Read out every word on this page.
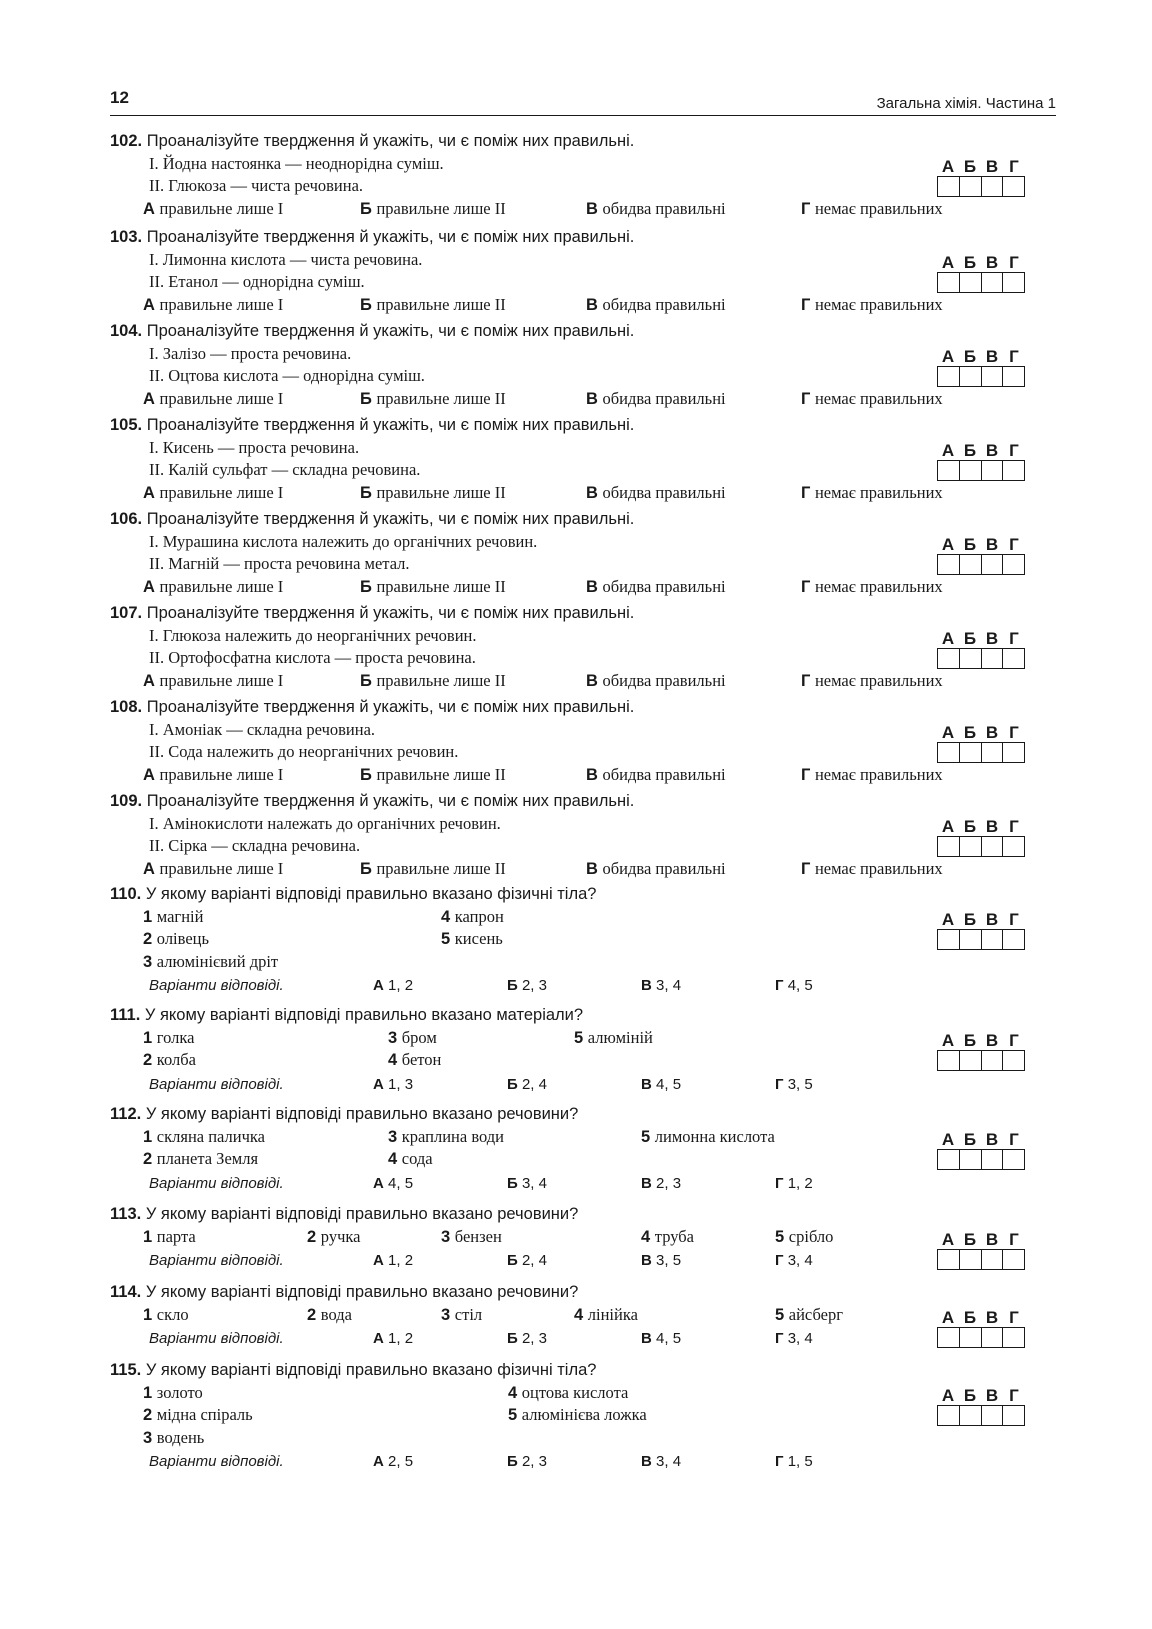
12	Загальна хімія. Частина 1
102. Проаналізуйте твердження й укажіть, чи є поміж них правильні.
І. Йодна настоянка — неоднорідна суміш.
ІІ. Глюкоза — чиста речовина.
А правильне лише І	Б правильне лише ІІ	В обидва правильні	Г немає правильних
А Б В Г
103. Проаналізуйте твердження й укажіть, чи є поміж них правильні.
І. Лимонна кислота — чиста речовина.
ІІ. Етанол — однорідна суміш.
А правильне лише І	Б правильне лише ІІ	В обидва правильні	Г немає правильних
А Б В Г
104. Проаналізуйте твердження й укажіть, чи є поміж них правильні.
І. Залізо — проста речовина.
ІІ. Оцтова кислота — однорідна суміш.
А правильне лише І	Б правильне лише ІІ	В обидва правильні	Г немає правильних
А Б В Г
105. Проаналізуйте твердження й укажіть, чи є поміж них правильні.
І. Кисень — проста речовина.
ІІ. Калій сульфат — складна речовина.
А правильне лише І	Б правильне лише ІІ	В обидва правильні	Г немає правильних
А Б В Г
106. Проаналізуйте твердження й укажіть, чи є поміж них правильні.
І. Мурашина кислота належить до органічних речовин.
ІІ. Магній — проста речовина метал.
А правильне лише І	Б правильне лише ІІ	В обидва правильні	Г немає правильних
А Б В Г
107. Проаналізуйте твердження й укажіть, чи є поміж них правильні.
І. Глюкоза належить до неорганічних речовин.
ІІ. Ортофосфатна кислота — проста речовина.
А правильне лише І	Б правильне лише ІІ	В обидва правильні	Г немає правильних
А Б В Г
108. Проаналізуйте твердження й укажіть, чи є поміж них правильні.
І. Амоніак — складна речовина.
ІІ. Сода належить до неорганічних речовин.
А правильне лише І	Б правильне лише ІІ	В обидва правильні	Г немає правильних
А Б В Г
109. Проаналізуйте твердження й укажіть, чи є поміж них правильні.
І. Амінокислоти належать до органічних речовин.
ІІ. Сірка — складна речовина.
А правильне лише І	Б правильне лише ІІ	В обидва правильні	Г немає правильних
А Б В Г
110. У якому варіанті відповіді правильно вказано фізичні тіла?
1 магній
2 олівець
3 алюмінієвий дріт
4 капрон
5 кисень
Варіанти відповіді.	А 1, 2	Б 2, 3	В 3, 4	Г 4, 5
А Б В Г
111. У якому варіанті відповіді правильно вказано матеріали?
1 голка
2 колба
3 бром
4 бетон
5 алюміній
Варіанти відповіді.	А 1, 3	Б 2, 4	В 4, 5	Г 3, 5
А Б В Г
112. У якому варіанті відповіді правильно вказано речовини?
1 скляна паличка
2 планета Земля
3 краплина води
4 сода
5 лимонна кислота
Варіанти відповіді.	А 4, 5	Б 3, 4	В 2, 3	Г 1, 2
А Б В Г
113. У якому варіанті відповіді правильно вказано речовини?
1 парта	2 ручка	3 бензен	4 труба	5 срібло
Варіанти відповіді.	А 1, 2	Б 2, 4	В 3, 5	Г 3, 4
А Б В Г
114. У якому варіанті відповіді правильно вказано речовини?
1 скло	2 вода	3 стіл	4 лінійка	5 айсберг
Варіанти відповіді.	А 1, 2	Б 2, 3	В 4, 5	Г 3, 4
А Б В Г
115. У якому варіанті відповіді правильно вказано фізичні тіла?
1 золото
2 мідна спіраль
3 водень
4 оцтова кислота
5 алюмінієва ложка
Варіанти відповіді.	А 2, 5	Б 2, 3	В 3, 4	Г 1, 5
А Б В Г
